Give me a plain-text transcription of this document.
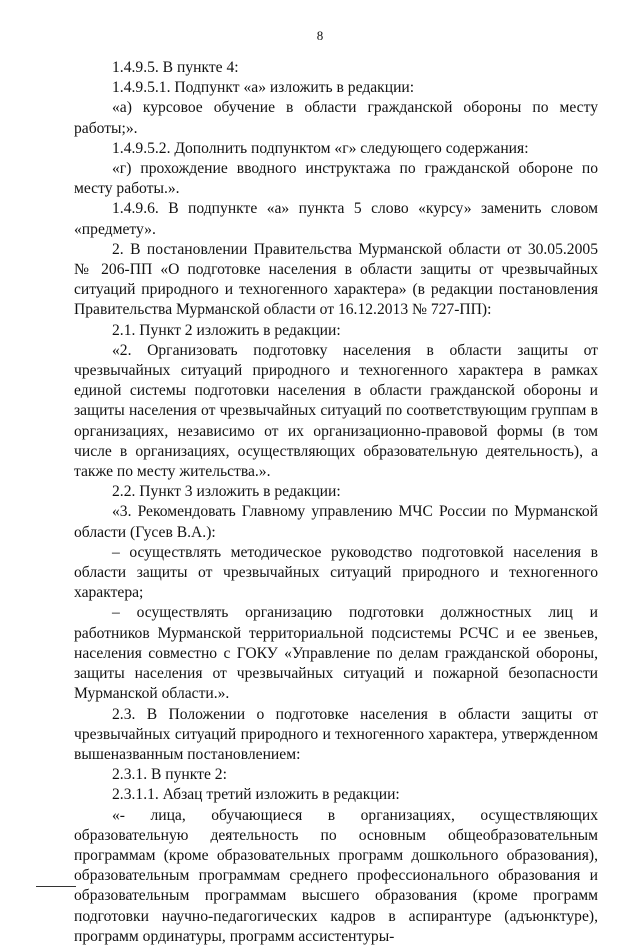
8

1.4.9.5. В пункте 4:

1.4.9.5.1. Подпункт «а» изложить в редакции:

«а) курсовое обучение в области гражданской обороны по месту работы;».

1.4.9.5.2. Дополнить подпунктом «г» следующего содержания:

«г) прохождение вводного инструктажа по гражданской обороне по месту работы.».

1.4.9.6. В подпункте «а» пункта 5 слово «курсу» заменить словом «предмету».

2. В постановлении Правительства Мурманской области от 30.05.2005 № 206-ПП «О подготовке населения в области защиты от чрезвычайных ситуаций природного и техногенного характера» (в редакции постановления Правительства Мурманской области от 16.12.2013 № 727-ПП):

2.1. Пункт 2 изложить в редакции:

«2. Организовать подготовку населения в области защиты от чрезвычайных ситуаций природного и техногенного характера в рамках единой системы подготовки населения в области гражданской обороны и защиты населения от чрезвычайных ситуаций по соответствующим группам в организациях, независимо от их организационно-правовой формы (в том числе в организациях, осуществляющих образовательную деятельность), а также по месту жительства.».

2.2. Пункт 3 изложить в редакции:

«3. Рекомендовать Главному управлению МЧС России по Мурманской области (Гусев В.А.):

– осуществлять методическое руководство подготовкой населения в области защиты от чрезвычайных ситуаций природного и техногенного характера;

– осуществлять организацию подготовки должностных лиц и работников Мурманской территориальной подсистемы РСЧС и ее звеньев, населения совместно с ГОКУ «Управление по делам гражданской обороны, защиты населения от чрезвычайных ситуаций и пожарной безопасности Мурманской области.».

2.3. В Положении о подготовке населения в области защиты от чрезвычайных ситуаций природного и техногенного характера, утвержденном вышеназванным постановлением:

2.3.1. В пункте 2:

2.3.1.1. Абзац третий изложить в редакции:

«- лица, обучающиеся в организациях, осуществляющих образовательную деятельность по основным общеобразовательным программам (кроме образовательных программ дошкольного образования), образовательным программам среднего профессионального образования и образовательным программам высшего образования (кроме программ подготовки научно-педагогических кадров в аспирантуре (адъюнктуре), программ ординатуры, программ ассистентуры-
